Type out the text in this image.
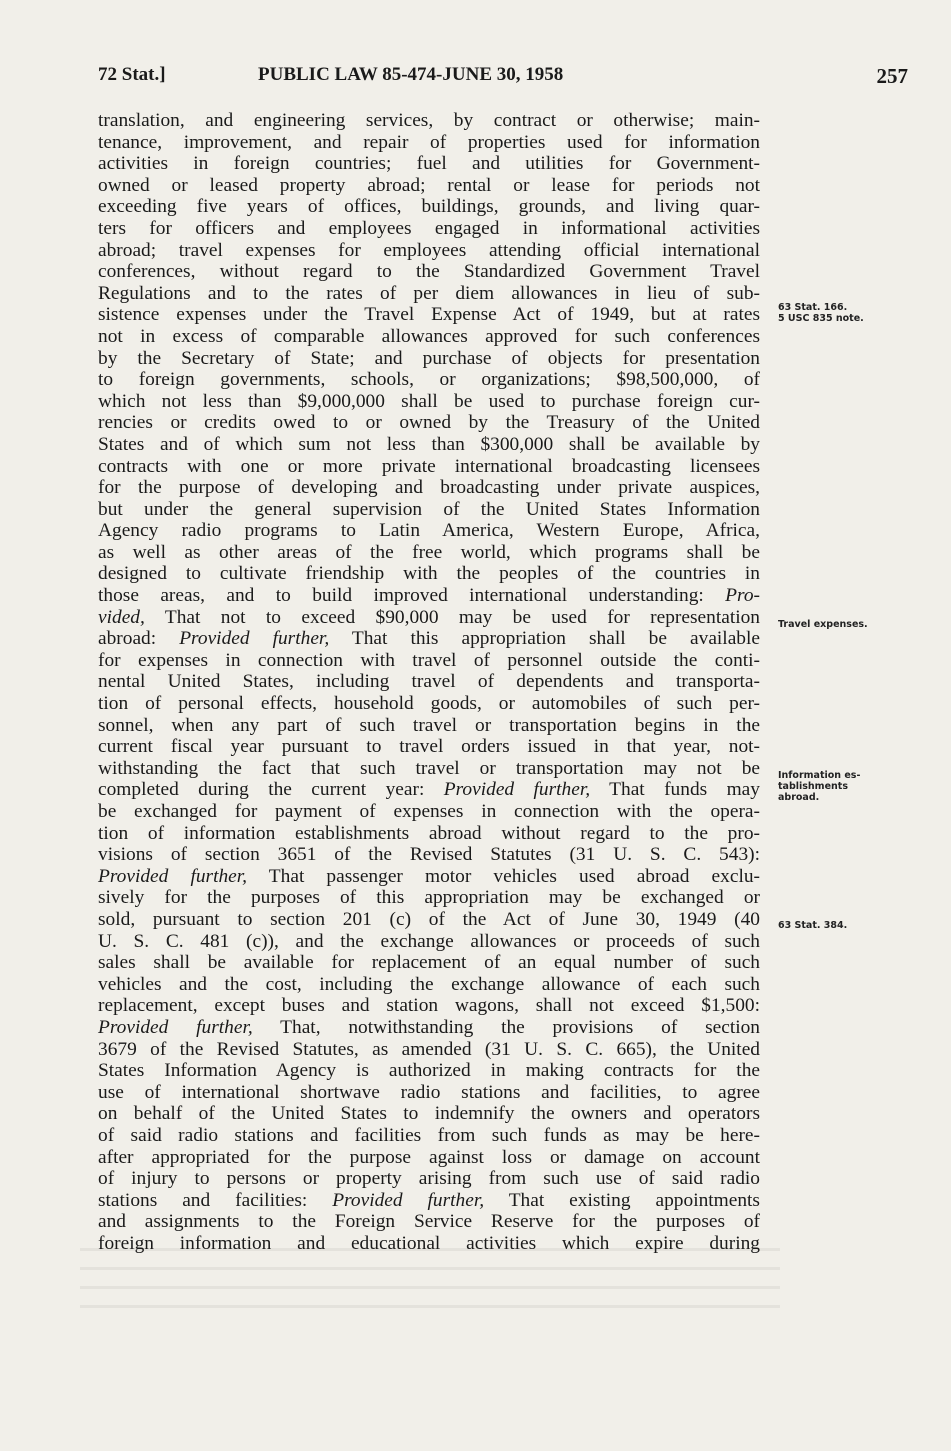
72 Stat.]	PUBLIC LAW 85-474-JUNE 30, 1958	257
translation, and engineering services, by contract or otherwise; main-
tenance, improvement, and repair of properties used for information
activities in foreign countries; fuel and utilities for Government-
owned or leased property abroad; rental or lease for periods not
exceeding five years of offices, buildings, grounds, and living quar-
ters for officers and employees engaged in informational activities
abroad; travel expenses for employees attending official international
conferences, without regard to the Standardized Government Travel
Regulations and to the rates of per diem allowances in lieu of sub-
sistence expenses under the Travel Expense Act of 1949, but at rates
not in excess of comparable allowances approved for such conferences
by the Secretary of State; and purchase of objects for presentation
to foreign governments, schools, or organizations; $98,500,000, of
which not less than $9,000,000 shall be used to purchase foreign cur-
rencies or credits owed to or owned by the Treasury of the United
States and of which sum not less than $300,000 shall be available by
contracts with one or more private international broadcasting licensees
for the purpose of developing and broadcasting under private auspices,
but under the general supervision of the United States Information
Agency radio programs to Latin America, Western Europe, Africa,
as well as other areas of the free world, which programs shall be
designed to cultivate friendship with the peoples of the countries in
those areas, and to build improved international understanding: Pro-
vided, That not to exceed $90,000 may be used for representation
abroad: Provided further, That this appropriation shall be available
for expenses in connection with travel of personnel outside the conti-
nental United States, including travel of dependents and transporta-
tion of personal effects, household goods, or automobiles of such per-
sonnel, when any part of such travel or transportation begins in the
current fiscal year pursuant to travel orders issued in that year, not-
withstanding the fact that such travel or transportation may not be
completed during the current year: Provided further, That funds may
be exchanged for payment of expenses in connection with the opera-
tion of information establishments abroad without regard to the pro-
visions of section 3651 of the Revised Statutes (31 U. S. C. 543):
Provided further, That passenger motor vehicles used abroad exclu-
sively for the purposes of this appropriation may be exchanged or
sold, pursuant to section 201 (c) of the Act of June 30, 1949 (40
U. S. C. 481 (c)), and the exchange allowances or proceeds of such
sales shall be available for replacement of an equal number of such
vehicles and the cost, including the exchange allowance of each such
replacement, except buses and station wagons, shall not exceed $1,500:
Provided further, That, notwithstanding the provisions of section
3679 of the Revised Statutes, as amended (31 U. S. C. 665), the United
States Information Agency is authorized in making contracts for the
use of international shortwave radio stations and facilities, to agree
on behalf of the United States to indemnify the owners and operators
of said radio stations and facilities from such funds as may be here-
after appropriated for the purpose against loss or damage on account
of injury to persons or property arising from such use of said radio
stations and facilities: Provided further, That existing appointments
and assignments to the Foreign Service Reserve for the purposes of
foreign information and educational activities which expire during
63 Stat. 166.
5 USC 835 note.
Travel expenses.
Information es-
tablishments
abroad.
63 Stat. 384.
